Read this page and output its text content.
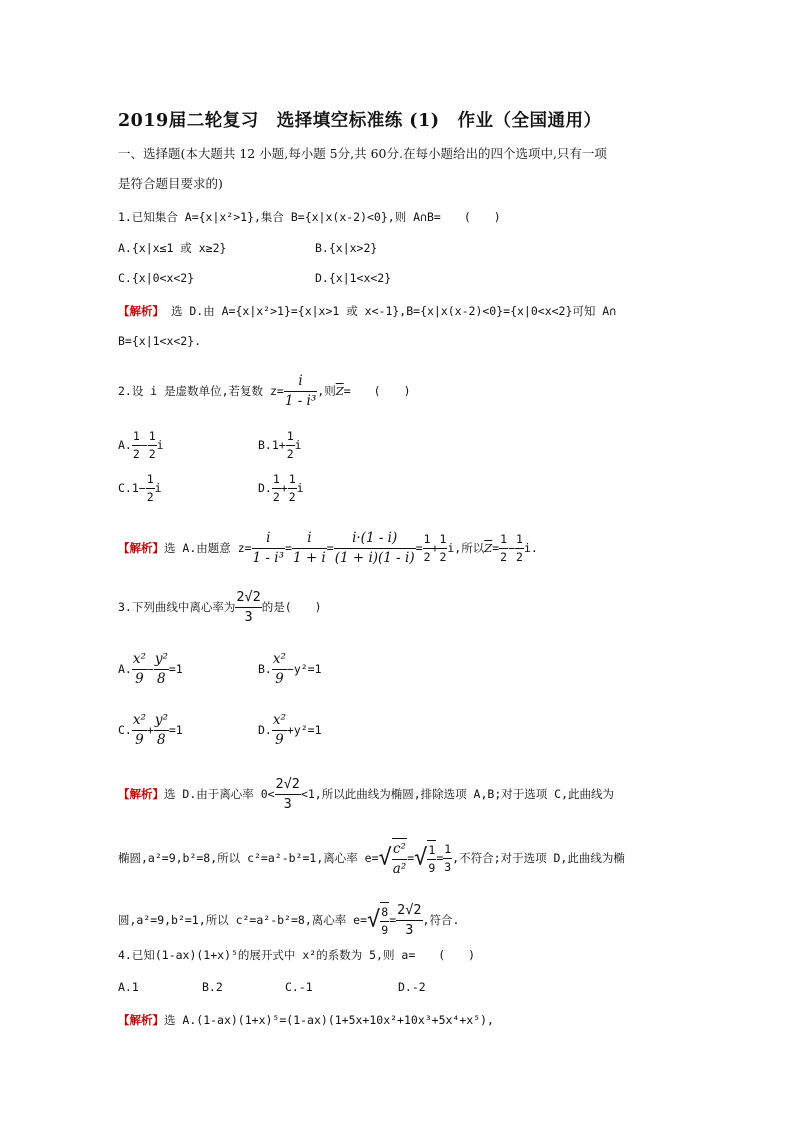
2019届二轮复习　选择填空标准练 (1)　作业（全国通用）
一、选择题(本大题共 12 小题,每小题 5分,共 60分.在每小题给出的四个选项中,只有一项
是符合题目要求的)
1.已知集合 A={x|x²>1},集合 B={x|x(x-2)<0},则 A∩B=　　(　　)
A.{x|x≤1 或 x≥2}	B.{x|x>2}
C.{x|0<x<2}	D.{x|1<x<2}
【解析】 选 D.由 A={x|x²>1}={x|x>1 或 x<-1},B={x|x(x-2)<0}={x|0<x<2}可知 A∩
B={x|1<x<2}.
2.设 i 是虚数单位,若复数 $z= \frac{i}{\text{1 - i³}}$ ,则$\overline{Z}=$　　(　　)
A. $\frac{1}{2} - \frac{1}{2}$ i	$B.1+ \frac{1}{2}$ i
$C.1- \frac{1}{2}$ i	D. $\frac{1}{2} + \frac{1}{2}$ i
【解析】选 A.由题意 $z= \frac{i}{\text{1 - i³}} = \frac{i}{1 + i} = \frac{i\cdot(1 - i)}{(1 + i)(1 - i)} = \frac{1}{2} + \frac{1}{2} i$,所以$\overline{Z}= \frac{1}{2} - \frac{1}{2} i$.
3.下列曲线中离心率为 $\frac{2√2}{3}$ 的是(　　)
A. $\frac{\text{x²}}{9} - \frac{\text{y²}}{8} =1$	B. $\frac{\text{x²}}{9} -y^2=1$
C. $\frac{\text{x²}}{9} + \frac{\text{y²}}{8} =1$	D. $\frac{\text{x²}}{9} +y^2=1$
【解析】选 D.由于离心率 $0< \frac{2√2}{3} <1$,所以此曲线为椭圆,排除选项 A,B;对于选项 C,此曲线为
椭圆,a²=9,b²=8,所以 c²=a²-b²=1,离心率 $e=√ \frac{\text{c²}}{\text{a²}}$ =√ $\frac{1}{9} = \frac{1}{3}$ ,不符合;对于选项 D,此曲线为椭
圆,a²=9,b²=1,所以 c²=a²-b²=8,离心率 $e=√ \frac{8}{9} = \frac{2√2}{3}$ ,符合.
4.已知(1-ax)(1+x)⁵的展开式中 x²的系数为 5,则 a=　　(　　)
A.1	B.2	C.-1	D.-2
【解析】选 A.(1-ax)(1+x)⁵=(1-ax)(1+5x+10x²+10x³+5x⁴+x⁵),
